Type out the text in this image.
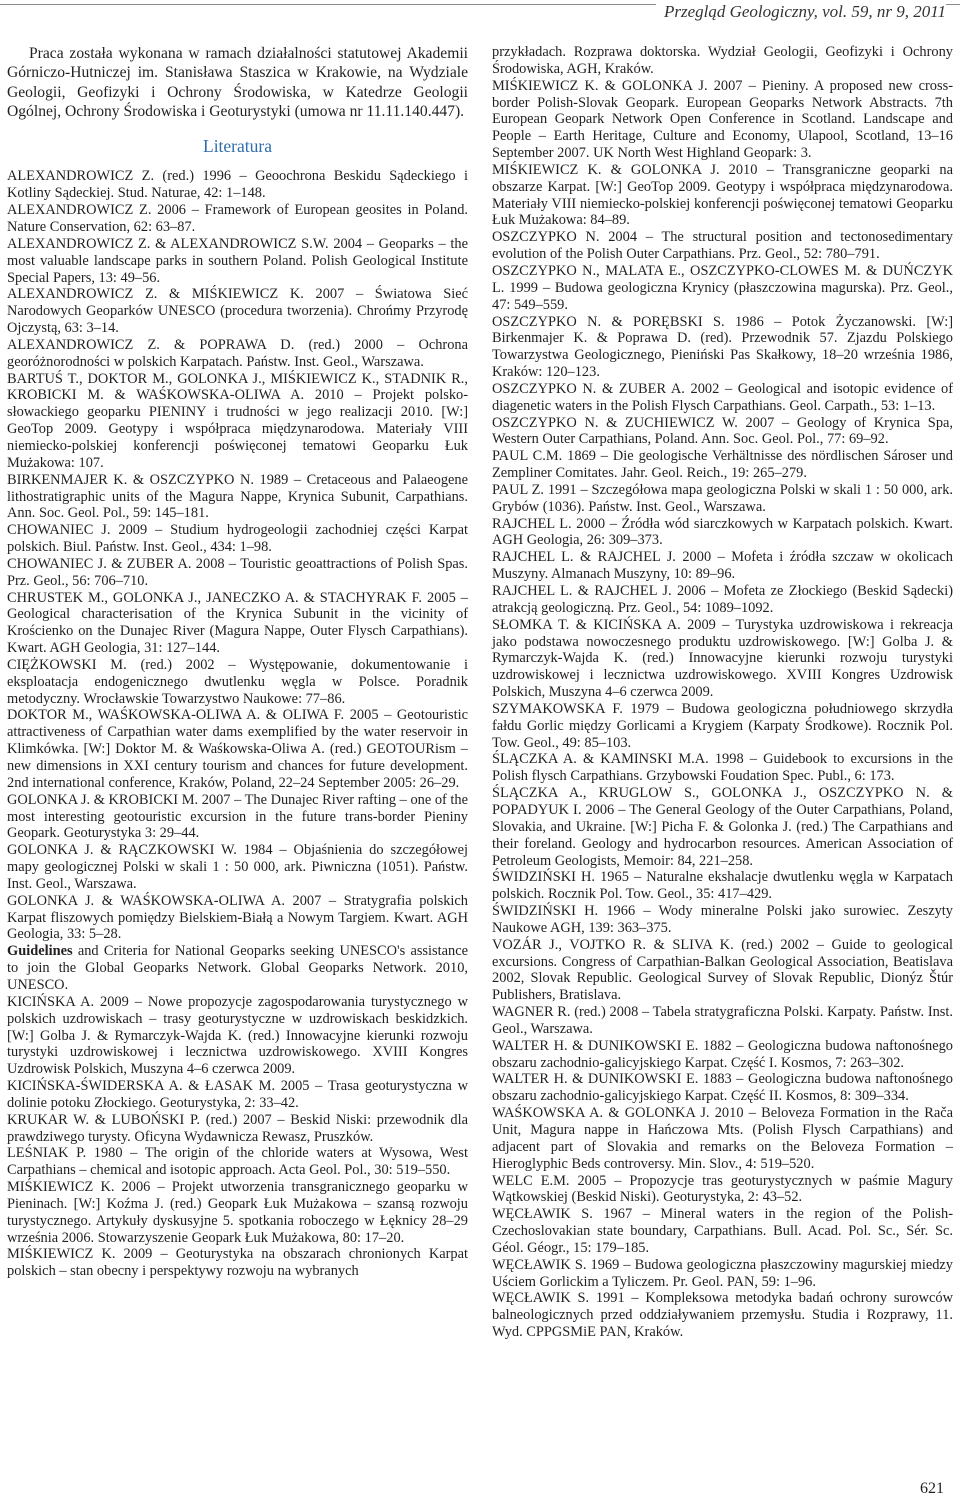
Przegląd Geologiczny, vol. 59, nr 9, 2011

Praca została wykonana w ramach działalności statutowej Akademii Górniczo-Hutniczej im. Stanisława Staszica w Krakowie, na Wydziale Geologii, Geofizyki i Ochrony Środowiska, w Katedrze Geologii Ogólnej, Ochrony Środowiska i Geoturystyki (umowa nr 11.11.140.447).

Literatura

ALEXANDROWICZ Z. (red.) 1996 – Geoochrona Beskidu Sądeckiego i Kotliny Sądeckiej. Stud. Naturae, 42: 1–148.

ALEXANDROWICZ Z. 2006 – Framework of European geosites in Poland. Nature Conservation, 62: 63–87.

ALEXANDROWICZ Z. & ALEXANDROWICZ S.W. 2004 – Geoparks – the most valuable landscape parks in southern Poland. Polish Geological Institute Special Papers, 13: 49–56.

ALEXANDROWICZ Z. & MIŚKIEWICZ K. 2007 – Światowa Sieć Narodowych Geoparków UNESCO (procedura tworzenia). Chrońmy Przyrodę Ojczystą, 63: 3–14.

ALEXANDROWICZ Z. & POPRAWA D. (red.) 2000 – Ochrona georóżnorodności w polskich Karpatach. Państw. Inst. Geol., Warszawa.

BARTUŚ T., DOKTOR M., GOLONKA J., MIŚKIEWICZ K., STADNIK R., KROBICKI M. & WAŚKOWSKA-OLIWA A. 2010 – Projekt polsko-słowackiego geoparku PIENINY i trudności w jego realizacji 2010. [W:] GeoTop 2009. Geotypy i współpraca międzynarodowa. Materiały VIII niemiecko-polskiej konferencji poświęconej tematowi Geoparku Łuk Mużakowa: 107.

BIRKENMAJER K. & OSZCZYPKO N. 1989 – Cretaceous and Palaeogene lithostratigraphic units of the Magura Nappe, Krynica Subunit, Carpathians. Ann. Soc. Geol. Pol., 59: 145–181.

CHOWANIEC J. 2009 – Studium hydrogeologii zachodniej części Karpat polskich. Biul. Państw. Inst. Geol., 434: 1–98.

CHOWANIEC J. & ZUBER A. 2008 – Touristic geoattractions of Polish Spas. Prz. Geol., 56: 706–710.

CHRUSTEK M., GOLONKA J., JANECZKO A. & STACHYRAK F. 2005 – Geological characterisation of the Krynica Subunit in the vicinity of Krościenko on the Dunajec River (Magura Nappe, Outer Flysch Carpathians). Kwart. AGH Geologia, 31: 127–144.

CIĘŻKOWSKI M. (red.) 2002 – Występowanie, dokumentowanie i eksploatacja endogenicznego dwutlenku węgla w Polsce. Poradnik metodyczny. Wrocławskie Towarzystwo Naukowe: 77–86.

DOKTOR M., WAŚKOWSKA-OLIWA A. & OLIWA F. 2005 – Geotouristic attractiveness of Carpathian water dams exemplified by the water reservoir in Klimkówka. [W:] Doktor M. & Waśkowska-Oliwa A. (red.) GEOTOURism – new dimensions in XXI century tourism and chances for future development. 2nd international conference, Kraków, Poland, 22–24 September 2005: 26–29.

GOLONKA J. & KROBICKI M. 2007 – The Dunajec River rafting – one of the most interesting geotouristic excursion in the future trans-border Pieniny Geopark. Geoturystyka 3: 29–44.

GOLONKA J. & RĄCZKOWSKI W. 1984 – Objaśnienia do szczegółowej mapy geologicznej Polski w skali 1 : 50 000, ark. Piwniczna (1051). Państw. Inst. Geol., Warszawa.

GOLONKA J. & WAŚKOWSKA-OLIWA A. 2007 – Stratygrafia polskich Karpat fliszowych pomiędzy Bielskiem-Białą a Nowym Targiem. Kwart. AGH Geologia, 33: 5–28.

Guidelines and Criteria for National Geoparks seeking UNESCO's assistance to join the Global Geoparks Network. Global Geoparks Network. 2010, UNESCO.

KICIŃSKA A. 2009 – Nowe propozycje zagospodarowania turystycznego w polskich uzdrowiskach – trasy geoturystyczne w uzdrowiskach beskidzkich. [W:] Golba J. & Rymarczyk-Wajda K. (red.) Innowacyjne kierunki rozwoju turystyki uzdrowiskowej i lecznictwa uzdrowiskowego. XVIII Kongres Uzdrowisk Polskich, Muszyna 4–6 czerwca 2009.

KICIŃSKA-ŚWIDERSKA A. & ŁASAK M. 2005 – Trasa geoturystyczna w dolinie potoku Złockiego. Geoturystyka, 2: 33–42.

KRUKAR W. & LUBOŃSKI P. (red.) 2007 – Beskid Niski: przewodnik dla prawdziwego turysty. Oficyna Wydawnicza Rewasz, Pruszków.

LEŚNIAK P. 1980 – The origin of the chloride waters at Wysowa, West Carpathians – chemical and isotopic approach. Acta Geol. Pol., 30: 519–550.

MIŚKIEWICZ K. 2006 – Projekt utworzenia transgranicznego geoparku w Pieninach. [W:] Koźma J. (red.) Geopark Łuk Mużakowa – szansą rozwoju turystycznego. Artykuły dyskusyjne 5. spotkania roboczego w Łęknicy 28–29 września 2006. Stowarzyszenie Geopark Łuk Mużakowa, 80: 17–20.

MIŚKIEWICZ K. 2009 – Geoturystyka na obszarach chronionych Karpat polskich – stan obecny i perspektywy rozwoju na wybranych

przykładach. Rozprawa doktorska. Wydział Geologii, Geofizyki i Ochrony Środowiska, AGH, Kraków.

MIŚKIEWICZ K. & GOLONKA J. 2007 – Pieniny. A proposed new cross-border Polish-Slovak Geopark. European Geoparks Network Abstracts. 7th European Geopark Network Open Conference in Scotland. Landscape and People – Earth Heritage, Culture and Economy, Ulapool, Scotland, 13–16 September 2007. UK North West Highland Geopark: 3.

MIŚKIEWICZ K. & GOLONKA J. 2010 – Transgraniczne geoparki na obszarze Karpat. [W:] GeoTop 2009. Geotypy i współpraca międzynarodowa. Materiały VIII niemiecko-polskiej konferencji poświęconej tematowi Geoparku Łuk Mużakowa: 84–89.

OSZCZYPKO N. 2004 – The structural position and tectonosedimentary evolution of the Polish Outer Carpathians. Prz. Geol., 52: 780–791.

OSZCZYPKO N., MALATA E., OSZCZYPKO-CLOWES M. & DUŃCZYK L. 1999 – Budowa geologiczna Krynicy (płaszczowina magurska). Prz. Geol., 47: 549–559.

OSZCZYPKO N. & PORĘBSKI S. 1986 – Potok Życzanowski. [W:] Birkenmajer K. & Poprawa D. (red). Przewodnik 57. Zjazdu Polskiego Towarzystwa Geologicznego, Pieniński Pas Skałkowy, 18–20 września 1986, Kraków: 120–123.

OSZCZYPKO N. & ZUBER A. 2002 – Geological and isotopic evidence of diagenetic waters in the Polish Flysch Carpathians. Geol. Carpath., 53: 1–13.

OSZCZYPKO N. & ZUCHIEWICZ W. 2007 – Geology of Krynica Spa, Western Outer Carpathians, Poland. Ann. Soc. Geol. Pol., 77: 69–92.

PAUL C.M. 1869 – Die geologische Verhältnisse des nördlischen Sároser und Zempliner Comitates. Jahr. Geol. Reich., 19: 265–279.

PAUL Z. 1991 – Szczegółowa mapa geologiczna Polski w skali 1 : 50 000, ark. Grybów (1036). Państw. Inst. Geol., Warszawa.

RAJCHEL L. 2000 – Źródła wód siarczkowych w Karpatach polskich. Kwart. AGH Geologia, 26: 309–373.

RAJCHEL L. & RAJCHEL J. 2000 – Mofeta i źródła szczaw w okolicach Muszyny. Almanach Muszyny, 10: 89–96.

RAJCHEL L. & RAJCHEL J. 2006 – Mofeta ze Złockiego (Beskid Sądecki) atrakcją geologiczną. Prz. Geol., 54: 1089–1092.

SŁOMKA T. & KICIŃSKA A. 2009 – Turystyka uzdrowiskowa i rekreacja jako podstawa nowoczesnego produktu uzdrowiskowego. [W:] Golba J. & Rymarczyk-Wajda K. (red.) Innowacyjne kierunki rozwoju turystyki uzdrowiskowej i lecznictwa uzdrowiskowego. XVIII Kongres Uzdrowisk Polskich, Muszyna 4–6 czerwca 2009.

SZYMAKOWSKA F. 1979 – Budowa geologiczna południowego skrzydła fałdu Gorlic między Gorlicami a Krygiem (Karpaty Środkowe). Rocznik Pol. Tow. Geol., 49: 85–103.

ŚLĄCZKA A. & KAMINSKI M.A. 1998 – Guidebook to excursions in the Polish flysch Carpathians. Grzybowski Foudation Spec. Publ., 6: 173.

ŚLĄCZKA A., KRUGLOW S., GOLONKA J., OSZCZYPKO N. & POPADYUK I. 2006 – The General Geology of the Outer Carpathians, Poland, Slovakia, and Ukraine. [W:] Picha F. & Golonka J. (red.) The Carpathians and their foreland. Geology and hydrocarbon resources. American Association of Petroleum Geologists, Memoir: 84, 221–258.

ŚWIDZIŃSKI H. 1965 – Naturalne ekshalacje dwutlenku węgla w Karpatach polskich. Rocznik Pol. Tow. Geol., 35: 417–429.

ŚWIDZIŃSKI H. 1966 – Wody mineralne Polski jako surowiec. Zeszyty Naukowe AGH, 139: 363–375.

VOZÁR J., VOJTKO R. & SLIVA K. (red.) 2002 – Guide to geological excursions. Congress of Carpathian-Balkan Geological Association, Beatislava 2002, Slovak Republic. Geological Survey of Slovak Republic, Dionýz Štúr Publishers, Bratislava.

WAGNER R. (red.) 2008 – Tabela stratygraficzna Polski. Karpaty. Państw. Inst. Geol., Warszawa.

WALTER H. & DUNIKOWSKI E. 1882 – Geologiczna budowa naftonośnego obszaru zachodnio-galicyjskiego Karpat. Część I. Kosmos, 7: 263–302.

WALTER H. & DUNIKOWSKI E. 1883 – Geologiczna budowa naftonośnego obszaru zachodnio-galicyjskiego Karpat. Część II. Kosmos, 8: 309–334.

WAŚKOWSKA A. & GOLONKA J. 2010 – Beloveza Formation in the Rača Unit, Magura nappe in Hańczowa Mts. (Polish Flysch Carpathians) and adjacent part of Slovakia and remarks on the Beloveza Formation – Hieroglyphic Beds controversy. Min. Slov., 4: 519–520.

WELC E.M. 2005 – Propozycje tras geoturystycznych w paśmie Magury Wątkowskiej (Beskid Niski). Geoturystyka, 2: 43–52.

WĘCŁAWIK S. 1967 – Mineral waters in the region of the Polish-Czechoslovakian state boundary, Carpathians. Bull. Acad. Pol. Sc., Sér. Sc. Géol. Géogr., 15: 179–185.

WĘCŁAWIK S. 1969 – Budowa geologiczna płaszczowiny magurskiej miedzy Uściem Gorlickim a Tyliczem. Pr. Geol. PAN, 59: 1–96.

WĘCŁAWIK S. 1991 – Kompleksowa metodyka badań ochrony surowców balneologicznych przed oddziaływaniem przemysłu. Studia i Rozprawy, 11. Wyd. CPPGSMiE PAN, Kraków.

621
